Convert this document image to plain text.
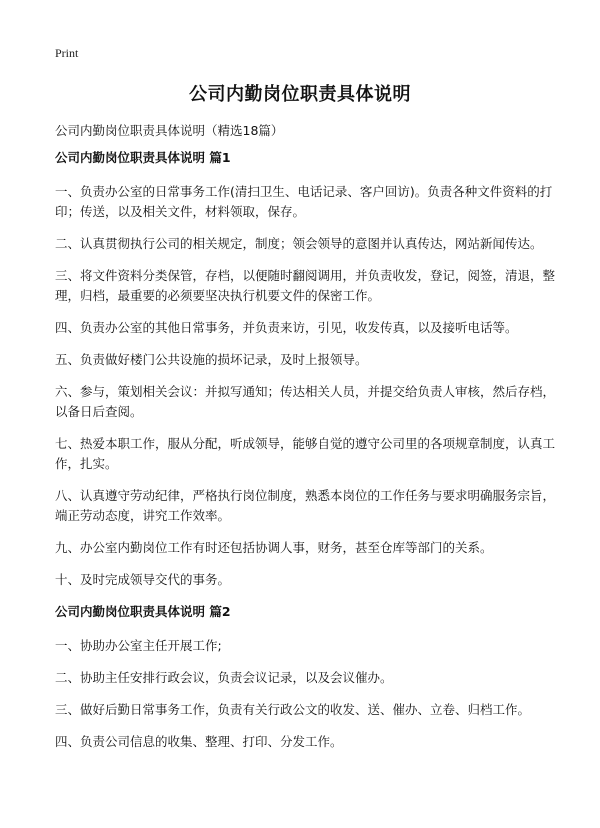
Print
公司内勤岗位职责具体说明
公司内勤岗位职责具体说明（精选18篇）

公司内勤岗位职责具体说明 篇1

一、负责办公室的日常事务工作(清扫卫生、电话记录、客户回访)。负责各种文件资料的打印；传送，以及相关文件，材料领取，保存。

二、认真贯彻执行公司的相关规定，制度；领会领导的意图并认真传达，网站新闻传达。

三、将文件资料分类保管，存档，以便随时翻阅调用，并负责收发，登记，阅签，清退，整理，归档，最重要的必须要坚决执行机要文件的保密工作。

四、负责办公室的其他日常事务，并负责来访，引见，收发传真，以及接听电话等。

五、负责做好楼门公共设施的损坏记录，及时上报领导。

六、参与，策划相关会议：并拟写通知；传达相关人员，并提交给负责人审核，然后存档，以备日后查阅。

七、热爱本职工作，服从分配，听成领导，能够自觉的遵守公司里的各项规章制度，认真工作，扎实。

八、认真遵守劳动纪律，严格执行岗位制度，熟悉本岗位的工作任务与要求明确服务宗旨，端正劳动态度，讲究工作效率。

九、办公室内勤岗位工作有时还包括协调人事，财务，甚至仓库等部门的关系。

十、及时完成领导交代的事务。

公司内勤岗位职责具体说明 篇2

一、协助办公室主任开展工作;

二、协助主任安排行政会议，负责会议记录，以及会议催办。

三、做好后勤日常事务工作，负责有关行政公文的收发、送、催办、立卷、归档工作。

四、负责公司信息的收集、整理、打印、分发工作。
